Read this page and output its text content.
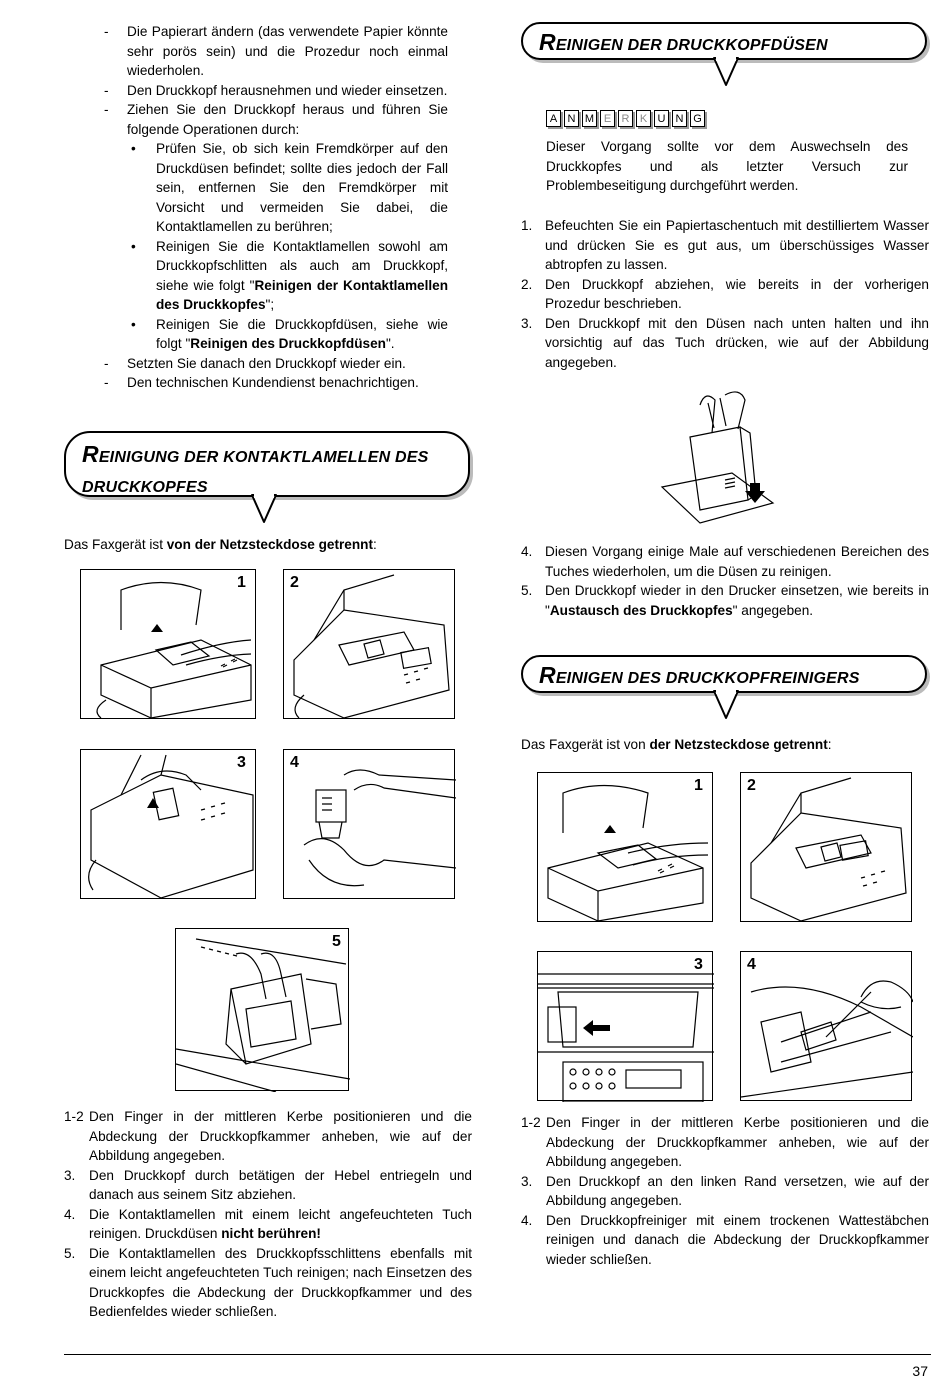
- Die Papierart ändern (das verwendete Papier könnte sehr porös sein) und die Prozedur noch einmal wiederholen.
- Den Druckkopf herausnehmen und wieder einsetzen.
- Ziehen Sie den Druckkopf heraus und führen Sie folgende Operationen durch:
• Prüfen Sie, ob sich kein Fremdkörper auf den Druckdüsen befindet; sollte dies jedoch der Fall sein, entfernen Sie den Fremdkörper mit Vorsicht und vermeiden Sie dabei, die Kontaktlamellen zu berühren;
• Reinigen Sie die Kontaktlamellen sowohl am Druckkopfschlitten als auch am Druckkopf, siehe wie folgt "Reinigen der Kontaktlamellen des Druckkopfes";
• Reinigen Sie die Druckkopfdüsen, siehe wie folgt "Reinigen des Druckkopfdüsen".
- Setzten Sie danach den Druckkopf wieder ein.
- Den technischen Kundendienst benachrichtigen.
REINIGUNG DER KONTAKTLAMELLEN DES
DRUCKKOPFES

Das Faxgerät ist von der Netzsteckdose getrennt:

1	2
3	4
5
1-2 Den Finger in der mittleren Kerbe positionieren und die Abdeckung der Druckkopfkammer anheben, wie auf der Abbildung angegeben.
3. Den Druckkopf durch betätigen der Hebel entriegeln und danach aus seinem Sitz abziehen.
4. Die Kontaktlamellen mit einem leicht angefeuchteten Tuch reinigen. Druckdüsen nicht berühren!
5. Die Kontaktlamellen des Druckkopfsschlittens ebenfalls mit einem leicht angefeuchteten Tuch reinigen; nach Einsetzen des Druckkopfes die Abdeckung der Druckkopfkammer und des Bedienfeldes wieder schließen.
REINIGEN DER DRUCKKOPFDÜSEN
A N M E R K U N G

Dieser Vorgang sollte vor dem Auswechseln des Druckkopfes und als letzter Versuch zur Problembeseitigung durchgeführt werden.

1. Befeuchten Sie ein Papiertaschentuch mit destilliertem Wasser und drücken Sie es gut aus, um überschüssiges Wasser abtropfen zu lassen.
2. Den Druckkopf abziehen, wie bereits in der vorherigen Prozedur beschrieben.
3. Den Druckkopf mit den Düsen nach unten halten und ihn vorsichtig auf das Tuch drücken, wie auf der Abbildung angegeben.
4. Diesen Vorgang einige Male auf verschiedenen Bereichen des Tuches wiederholen, um die Düsen zu reinigen.
5. Den Druckkopf wieder in den Drucker einsetzen, wie bereits in "Austausch des Druckkopfes" angegeben.
REINIGEN DES DRUCKKOPFREINIGERS

Das Faxgerät ist von der Netzsteckdose getrennt:

1	2
3	4
1-2 Den Finger in der mittleren Kerbe positionieren und die Abdeckung der Druckkopfkammer anheben, wie auf der Abbildung angegeben.
3. Den Druckkopf an den linken Rand versetzen, wie auf der Abbildung angegeben.
4. Den Druckkopfreiniger mit einem trockenen Wattestäbchen reinigen und danach die Abdeckung der Druckkopfkammer wieder schließen.
37
